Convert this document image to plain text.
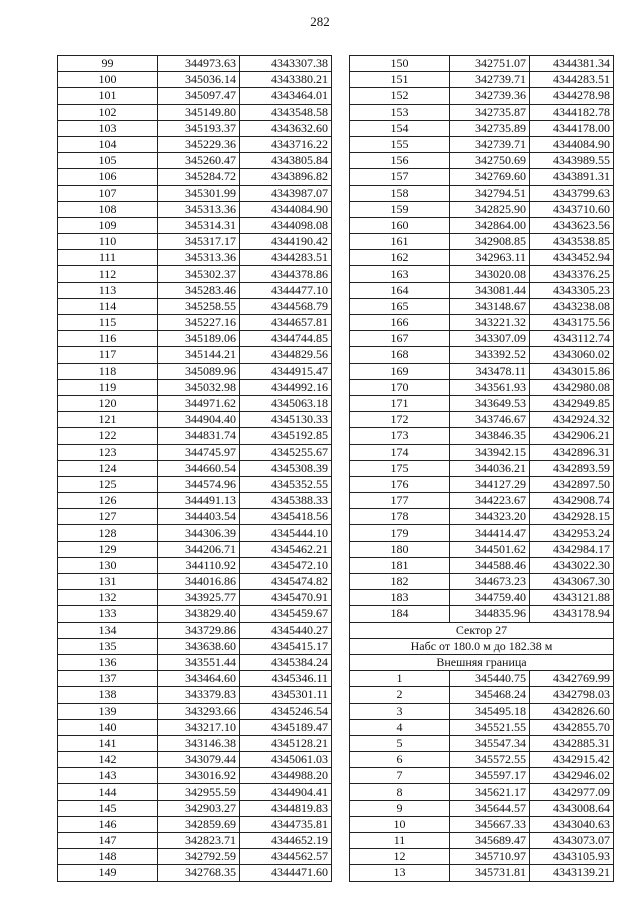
282
99	344973.63	4343307.38
100	345036.14	4343380.21
101	345097.47	4343464.01
102	345149.80	4343548.58
103	345193.37	4343632.60
104	345229.36	4343716.22
105	345260.47	4343805.84
106	345284.72	4343896.82
107	345301.99	4343987.07
108	345313.36	4344084.90
109	345314.31	4344098.08
110	345317.17	4344190.42
111	345313.36	4344283.51
112	345302.37	4344378.86
113	345283.46	4344477.10
114	345258.55	4344568.79
115	345227.16	4344657.81
116	345189.06	4344744.85
117	345144.21	4344829.56
118	345089.96	4344915.47
119	345032.98	4344992.16
120	344971.62	4345063.18
121	344904.40	4345130.33
122	344831.74	4345192.85
123	344745.97	4345255.67
124	344660.54	4345308.39
125	344574.96	4345352.55
126	344491.13	4345388.33
127	344403.54	4345418.56
128	344306.39	4345444.10
129	344206.71	4345462.21
130	344110.92	4345472.10
131	344016.86	4345474.82
132	343925.77	4345470.91
133	343829.40	4345459.67
134	343729.86	4345440.27
135	343638.60	4345415.17
136	343551.44	4345384.24
137	343464.60	4345346.11
138	343379.83	4345301.11
139	343293.66	4345246.54
140	343217.10	4345189.47
141	343146.38	4345128.21
142	343079.44	4345061.03
143	343016.92	4344988.20
144	342955.59	4344904.41
145	342903.27	4344819.83
146	342859.69	4344735.81
147	342823.71	4344652.19
148	342792.59	4344562.57
149	342768.35	4344471.60
150	342751.07	4344381.34
151	342739.71	4344283.51
152	342739.36	4344278.98
153	342735.87	4344182.78
154	342735.89	4344178.00
155	342739.71	4344084.90
156	342750.69	4343989.55
157	342769.60	4343891.31
158	342794.51	4343799.63
159	342825.90	4343710.60
160	342864.00	4343623.56
161	342908.85	4343538.85
162	342963.11	4343452.94
163	343020.08	4343376.25
164	343081.44	4343305.23
165	343148.67	4343238.08
166	343221.32	4343175.56
167	343307.09	4343112.74
168	343392.52	4343060.02
169	343478.11	4343015.86
170	343561.93	4342980.08
171	343649.53	4342949.85
172	343746.67	4342924.32
173	343846.35	4342906.21
174	343942.15	4342896.31
175	344036.21	4342893.59
176	344127.29	4342897.50
177	344223.67	4342908.74
178	344323.20	4342928.15
179	344414.47	4342953.24
180	344501.62	4342984.17
181	344588.46	4343022.30
182	344673.23	4343067.30
183	344759.40	4343121.88
184	344835.96	4343178.94
Сектор 27		
Набс от 180.0 м до 182.38 м		
Внешняя граница		
1	345440.75	4342769.99
2	345468.24	4342798.03
3	345495.18	4342826.60
4	345521.55	4342855.70
5	345547.34	4342885.31
6	345572.55	4342915.42
7	345597.17	4342946.02
8	345621.17	4342977.09
9	345644.57	4343008.64
10	345667.33	4343040.63
11	345689.47	4343073.07
12	345710.97	4343105.93
13	345731.81	4343139.21
